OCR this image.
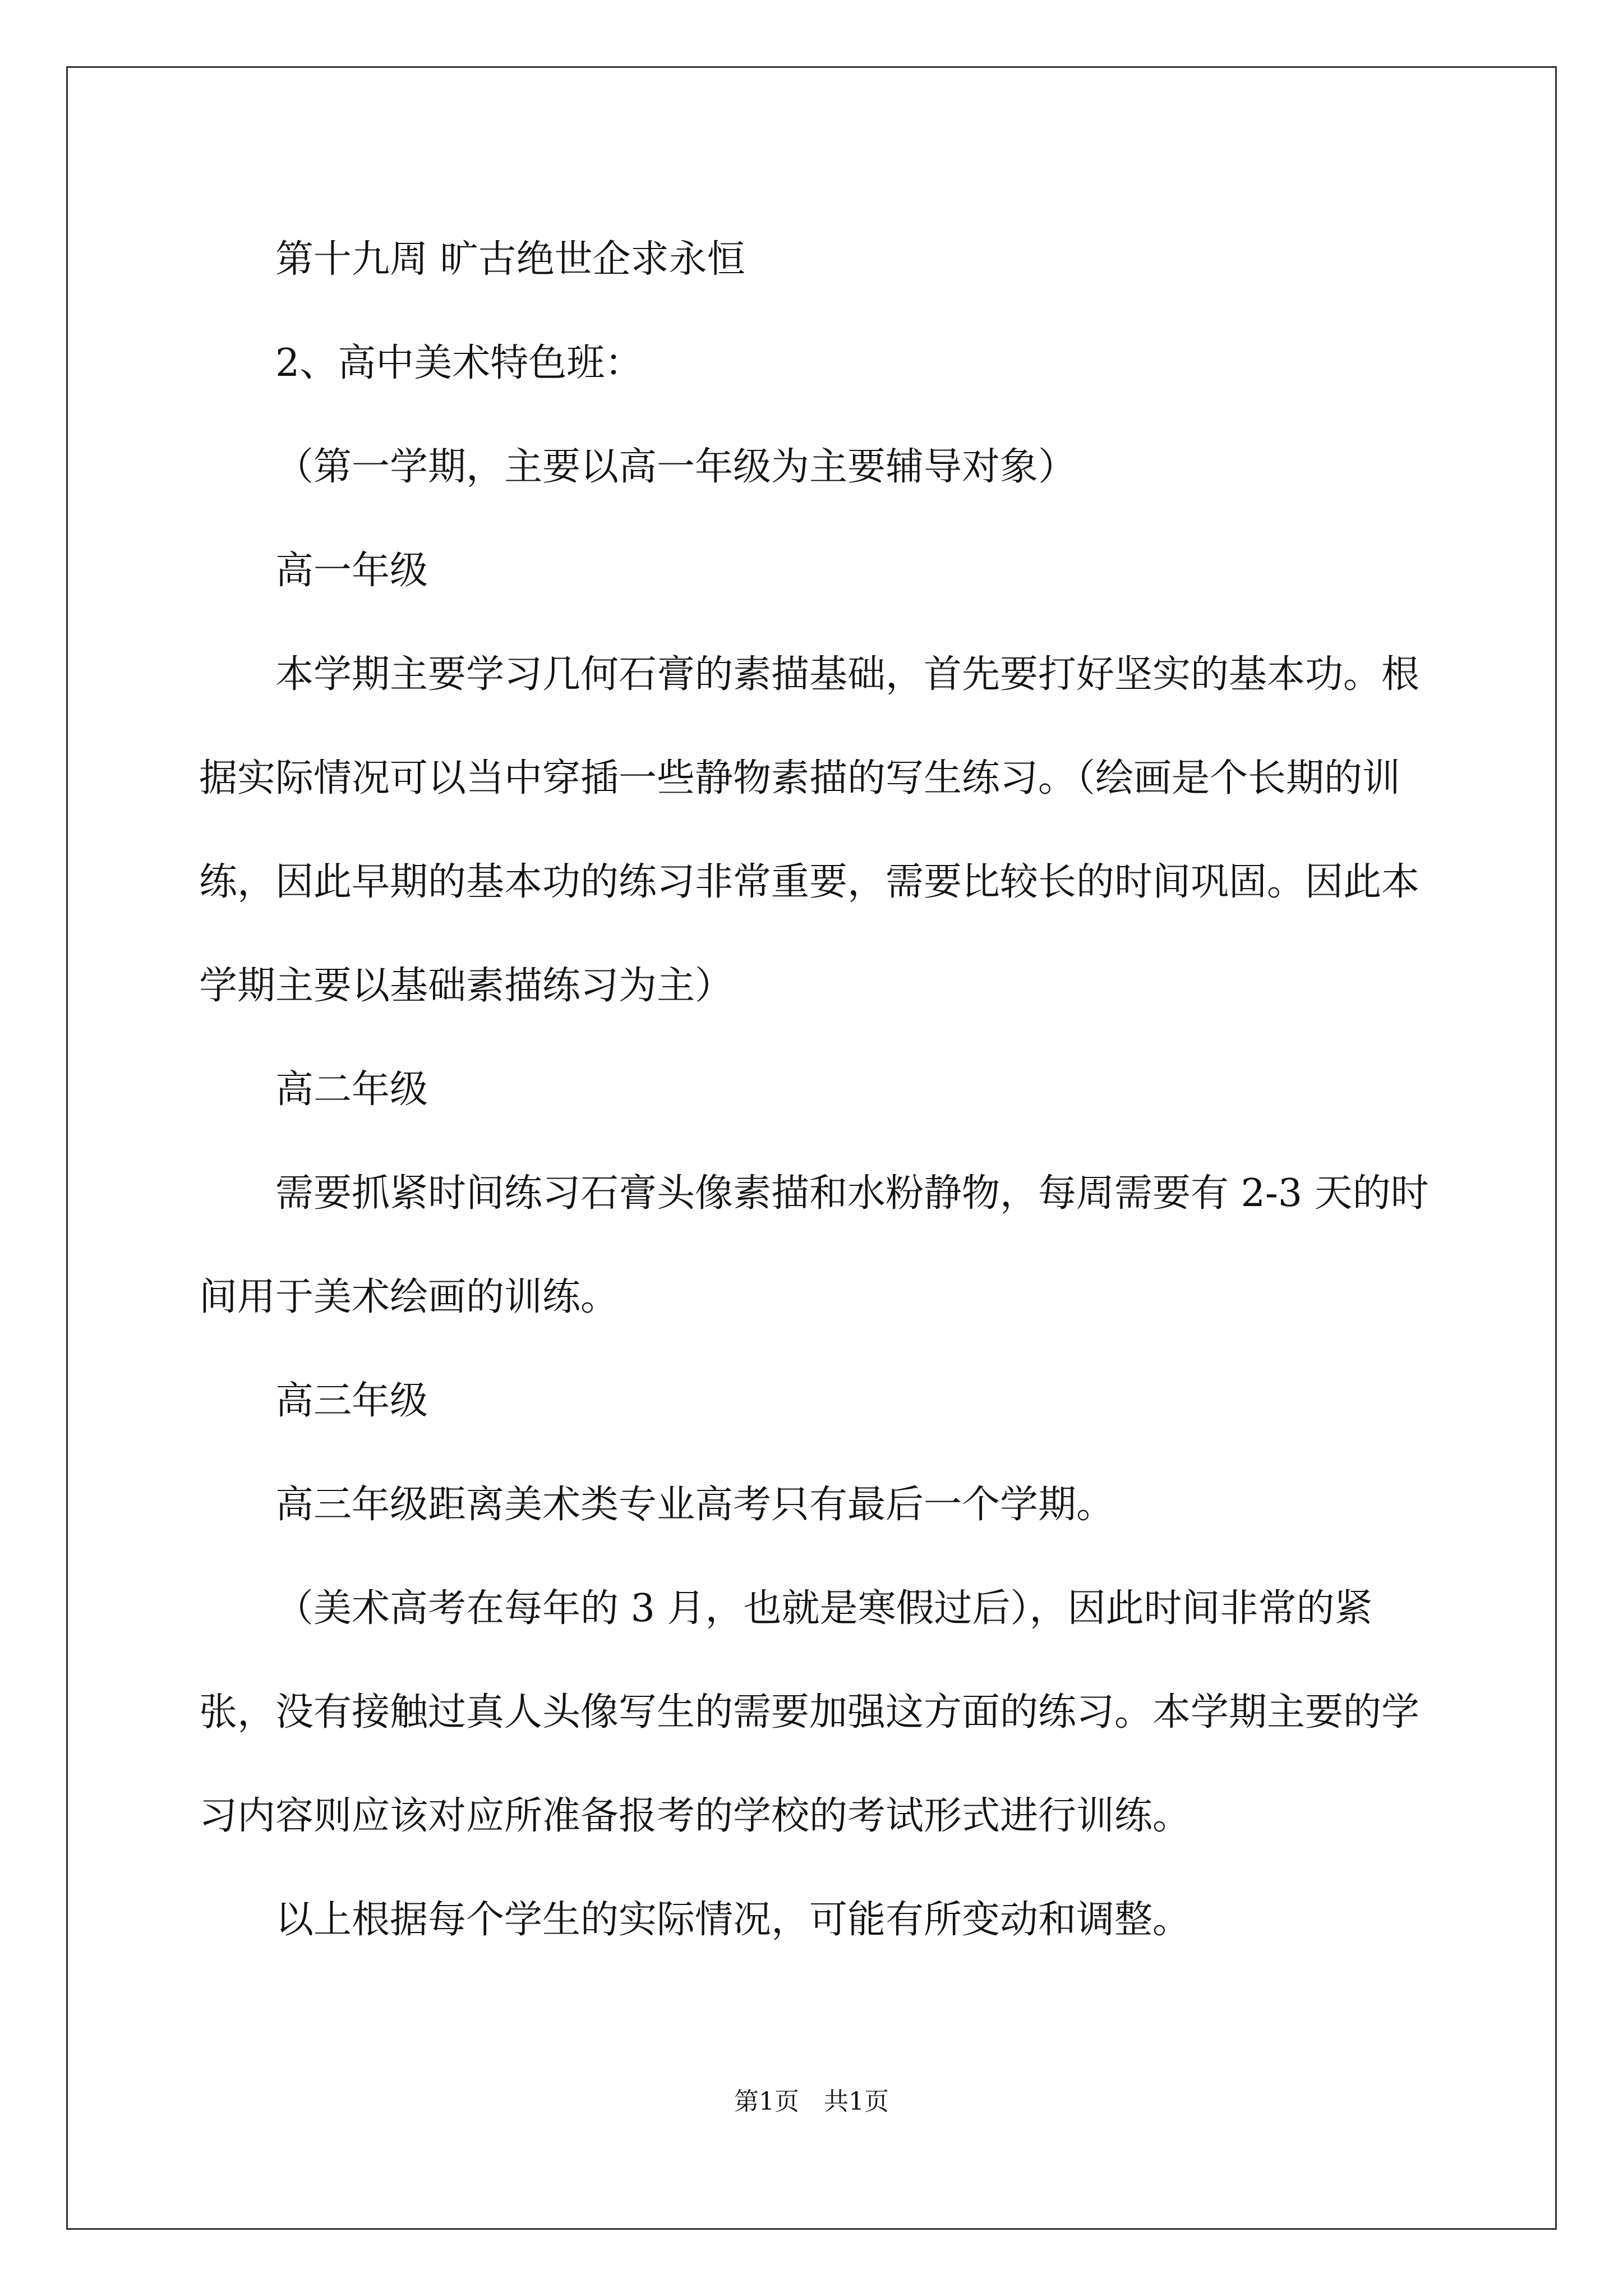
第十九周 旷古绝世企求永恒

2、高中美术特色班：

（第一学期，主要以高一年级为主要辅导对象）

高一年级

本学期主要学习几何石膏的素描基础，首先要打好坚实的基本功。根据实际情况可以当中穿插一些静物素描的写生练习。（绘画是个长期的训练，因此早期的基本功的练习非常重要，需要比较长的时间巩固。因此本学期主要以基础素描练习为主）

高二年级

需要抓紧时间练习石膏头像素描和水粉静物，每周需要有 2-3 天的时间用于美术绘画的训练。

高三年级

高三年级距离美术类专业高考只有最后一个学期。

（美术高考在每年的 3 月，也就是寒假过后），因此时间非常的紧张，没有接触过真人头像写生的需要加强这方面的练习。本学期主要的学习内容则应该对应所准备报考的学校的考试形式进行训练。

以上根据每个学生的实际情况，可能有所变动和调整。

第1页　共1页
